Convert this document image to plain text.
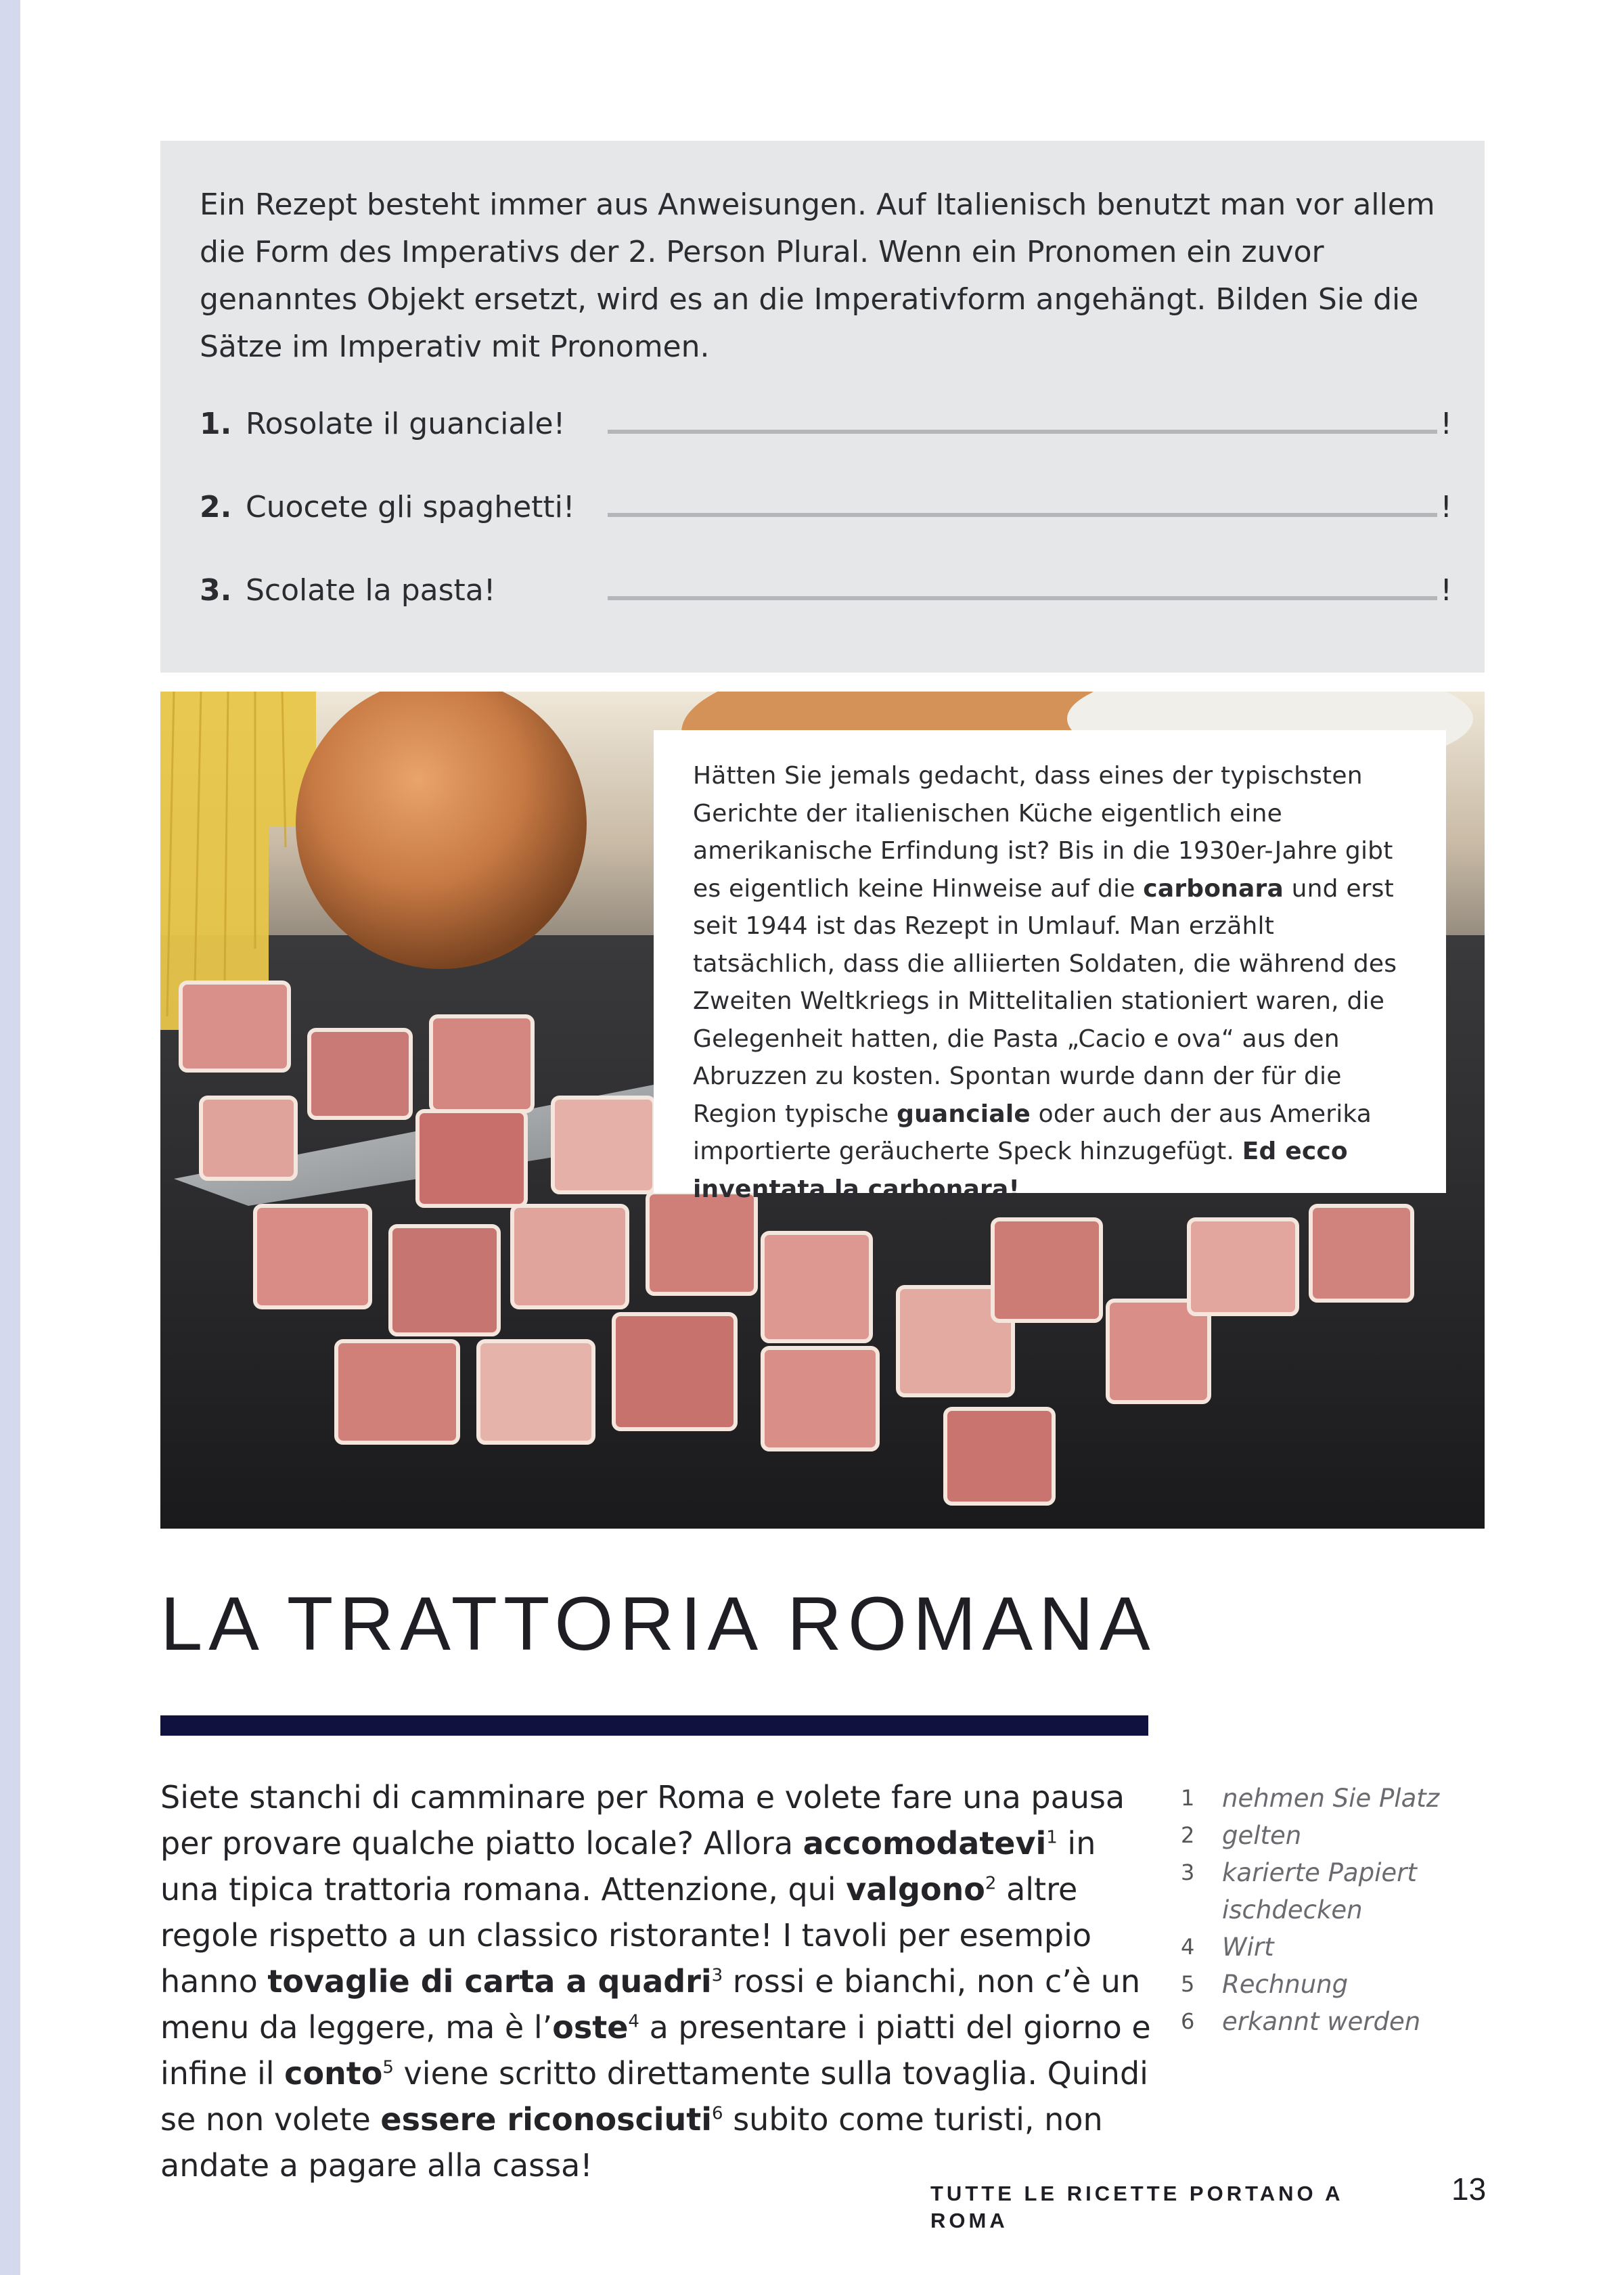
Ein Rezept besteht immer aus Anweisungen. Auf Italienisch benutzt man vor allem die Form des Imperativs der 2. Person Plural. Wenn ein Pronomen ein zuvor genanntes Objekt ersetzt, wird es an die Imperativform angehängt. Bilden Sie die Sätze im Imperativ mit Pronomen.

1. Rosolate il guanciale!	!
2. Cuocete gli spaghetti!	!
3. Scolate la pasta!	!

Hätten Sie jemals gedacht, dass eines der typischsten Gerichte der italienischen Küche eigentlich eine amerikanische Erfindung ist? Bis in die 1930er-Jahre gibt es eigentlich keine Hinweise auf die carbonara und erst seit 1944 ist das Rezept in Umlauf. Man erzählt tatsächlich, dass die alliierten Soldaten, die während des Zweiten Weltkriegs in Mittelitalien stationiert waren, die Gelegenheit hatten, die Pasta „Cacio e ova“ aus den Abruzzen zu kosten. Spontan wurde dann der für die Region typische guanciale oder auch der aus Amerika importierte geräucherte Speck hinzugefügt. Ed ecco inventata la carbonara!

LA TRATTORIA ROMANA

Siete stanchi di camminare per Roma e volete fare una pausa per provare qualche piatto locale? Allora accomodatevi$^1$ in una tipica trattoria romana. Attenzione, qui valgono$^2$ altre regole rispetto a un classico ristorante! I tavoli per esempio hanno tovaglie di carta a quadri$^3$ rossi e bianchi, non c’è un menu da leggere, ma è l’oste$^4$ a presentare i piatti del giorno e infine il conto$^5$ viene scritto direttamente sulla tovaglia. Quindi se non volete essere riconosciuti$^6$ subito come turisti, non andate a pagare alla cassa!

1 nehmen Sie Platz
2 gelten
3 karierte Papiertischdecken
4 Wirt
5 Rechnung
6 erkannt werden
TUTTE LE RICETTE PORTANO A ROMA
13
